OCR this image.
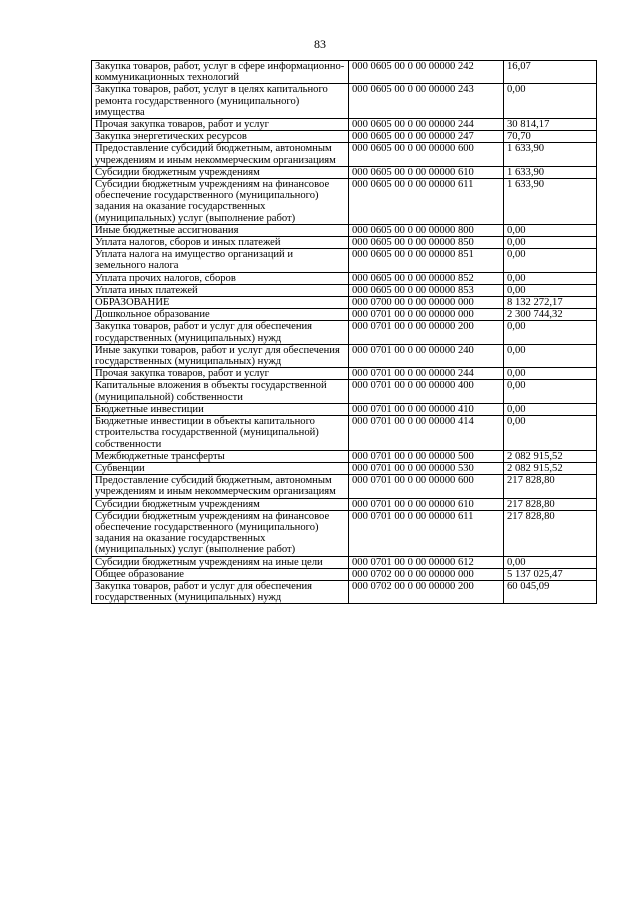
83
Закупка товаров, работ, услуг в сфере информационно-коммуникационных технологий	000 0605 00 0 00 00000 242	16,07
Закупка товаров, работ, услуг в целях капитального ремонта государственного (муниципального) имущества	000 0605 00 0 00 00000 243	0,00
Прочая закупка товаров, работ и услуг	000 0605 00 0 00 00000 244	30 814,17
Закупка энергетических ресурсов	000 0605 00 0 00 00000 247	70,70
Предоставление субсидий бюджетным, автономным учреждениям и иным некоммерческим организациям	000 0605 00 0 00 00000 600	1 633,90
Субсидии бюджетным учреждениям	000 0605 00 0 00 00000 610	1 633,90
Субсидии бюджетным учреждениям на финансовое обеспечение государственного (муниципального) задания на оказание государственных (муниципальных) услуг (выполнение работ)	000 0605 00 0 00 00000 611	1 633,90
Иные бюджетные ассигнования	000 0605 00 0 00 00000 800	0,00
Уплата налогов, сборов и иных платежей	000 0605 00 0 00 00000 850	0,00
Уплата налога на имущество организаций и земельного налога	000 0605 00 0 00 00000 851	0,00
Уплата прочих налогов, сборов	000 0605 00 0 00 00000 852	0,00
Уплата иных платежей	000 0605 00 0 00 00000 853	0,00
ОБРАЗОВАНИЕ	000 0700 00 0 00 00000 000	8 132 272,17
Дошкольное образование	000 0701 00 0 00 00000 000	2 300 744,32
Закупка товаров, работ и услуг для обеспечения государственных (муниципальных) нужд	000 0701 00 0 00 00000 200	0,00
Иные закупки товаров, работ и услуг для обеспечения государственных (муниципальных) нужд	000 0701 00 0 00 00000 240	0,00
Прочая закупка товаров, работ и услуг	000 0701 00 0 00 00000 244	0,00
Капитальные вложения в объекты государственной (муниципальной) собственности	000 0701 00 0 00 00000 400	0,00
Бюджетные инвестиции	000 0701 00 0 00 00000 410	0,00
Бюджетные инвестиции в объекты капитального строительства государственной (муниципальной) собственности	000 0701 00 0 00 00000 414	0,00
Межбюджетные трансферты	000 0701 00 0 00 00000 500	2 082 915,52
Субвенции	000 0701 00 0 00 00000 530	2 082 915,52
Предоставление субсидий бюджетным, автономным учреждениям и иным некоммерческим организациям	000 0701 00 0 00 00000 600	217 828,80
Субсидии бюджетным учреждениям	000 0701 00 0 00 00000 610	217 828,80
Субсидии бюджетным учреждениям на финансовое обеспечение государственного (муниципального) задания на оказание государственных (муниципальных) услуг (выполнение работ)	000 0701 00 0 00 00000 611	217 828,80
Субсидии бюджетным учреждениям на иные цели	000 0701 00 0 00 00000 612	0,00
Общее образование	000 0702 00 0 00 00000 000	5 137 025,47
Закупка товаров, работ и услуг для обеспечения государственных (муниципальных) нужд	000 0702 00 0 00 00000 200	60 045,09
